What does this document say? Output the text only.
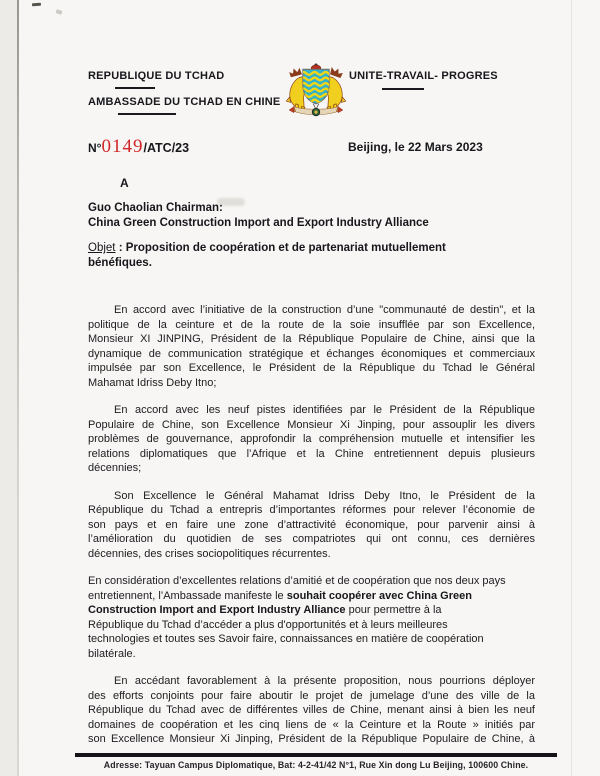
REPUBLIQUE DU TCHAD
AMBASSADE DU TCHAD EN CHINE
UNITE-TRAVAIL- PROGRES
N° 0149 /ATC/23	Beijing, le 22 Mars 2023
A
Guo Chaolian Chairman:
China Green Construction Import and Export Industry Alliance
Objet : Proposition de coopération et de partenariat mutuellement bénéfiques.
En accord avec l’initiative de la construction d’une "communauté de destin", et la
politique de la ceinture et de la route de la soie insufflée par son Excellence,
Monsieur XI JINPING, Président de la République Populaire de Chine, ainsi que la
dynamique de communication stratégique et échanges économiques et commerciaux
impulsée par son Excellence, le Président de la République du Tchad le Général
Mahamat Idriss Deby Itno;
En accord avec les neuf pistes identifiées par le Président de la République
Populaire de Chine, son Excellence Monsieur Xi Jinping, pour assouplir les divers
problèmes de gouvernance, approfondir la compréhension mutuelle et intensifier les
relations diplomatiques que l’Afrique et la Chine entretiennent depuis plusieurs
décennies;
Son Excellence le Général Mahamat Idriss Deby Itno, le Président de la
République du Tchad a entrepris d’importantes réformes pour relever l’économie de
son pays et en faire une zone d’attractivité économique, pour parvenir ainsi à
l’amélioration du quotidien de ses compatriotes qui ont connu, ces dernières
décennies, des crises sociopolitiques récurrentes.
En considération d’excellentes relations d’amitié et de coopération que nos deux pays
entretiennent, l’Ambassade manifeste le souhait coopérer avec China Green
Construction Import and Export Industry Alliance pour permettre à la
République du Tchad d’accéder a plus d'opportunités et à leurs meilleures
technologies et toutes ses Savoir faire, connaissances en matière de coopération
bilatérale.
En accédant favorablement à la présente proposition, nous pourrions déployer
des efforts conjoints pour faire aboutir le projet de jumelage d’une des ville de la
République du Tchad avec de différentes villes de Chine, menant ainsi à bien les neuf
domaines de coopération et les cinq liens de « la Ceinture et la Route » initiés par
son Excellence Monsieur Xi Jinping, Président de la République Populaire de Chine, à
Adresse: Tayuan Campus Diplomatique, Bat: 4-2-41/42 N°1, Rue Xin dong Lu Beijing, 100600 Chine.
